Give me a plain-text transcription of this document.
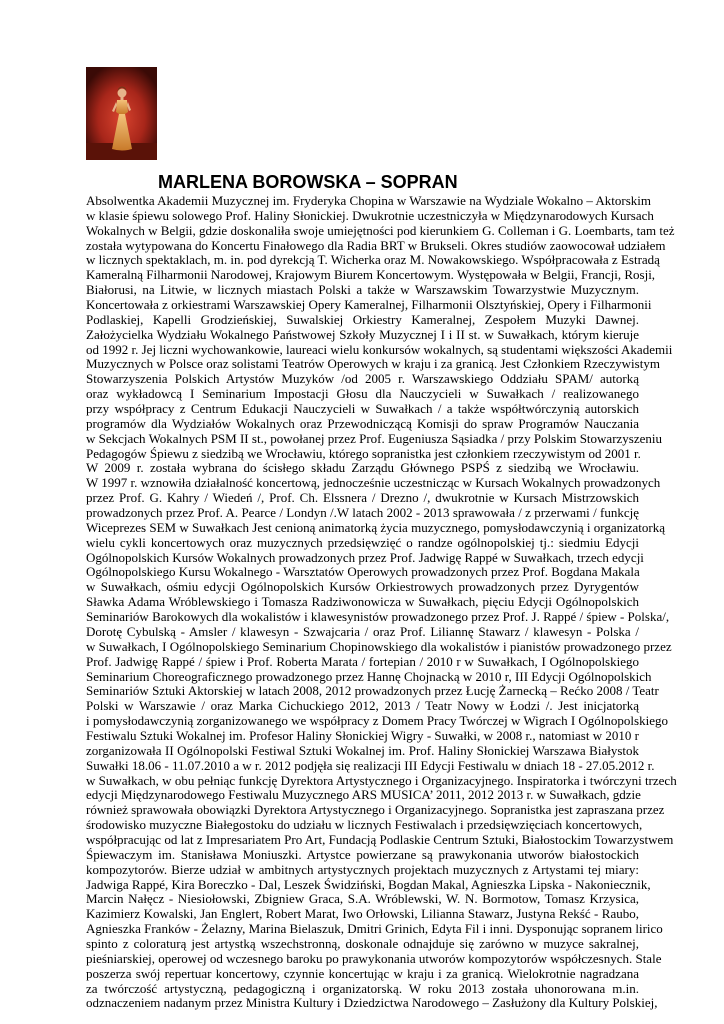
MARLENA BOROWSKA – SOPRAN
Absolwentka Akademii Muzycznej im. Fryderyka Chopina w Warszawie na Wydziale Wokalno – Aktorskim
w klasie śpiewu solowego Prof. Haliny Słonickiej. Dwukrotnie uczestniczyła w Międzynarodowych Kursach
Wokalnych w Belgii, gdzie doskonaliła swoje umiejętności pod kierunkiem G. Colleman i G. Loembarts, tam też
została wytypowana do Koncertu Finałowego dla Radia BRT w Brukseli. Okres studiów zaowocował udziałem
w licznych spektaklach, m. in. pod dyrekcją T. Wicherka oraz M. Nowakowskiego. Współpracowała z Estradą
Kameralną Filharmonii Narodowej, Krajowym Biurem Koncertowym. Występowała w Belgii, Francji, Rosji,
Białorusi, na Litwie, w licznych miastach Polski a także w Warszawskim Towarzystwie Muzycznym.
Koncertowała z orkiestrami Warszawskiej Opery Kameralnej, Filharmonii Olsztyńskiej, Opery i Filharmonii
Podlaskiej, Kapelli Grodzieńskiej, Suwalskiej Orkiestry Kameralnej, Zespołem Muzyki Dawnej.
Założycielka Wydziału Wokalnego Państwowej Szkoły Muzycznej I i II st. w Suwałkach, którym kieruje
od 1992 r. Jej liczni wychowankowie, laureaci wielu konkursów wokalnych, są studentami większości Akademii
Muzycznych w Polsce oraz solistami Teatrów Operowych w kraju i za granicą. Jest Członkiem Rzeczywistym
Stowarzyszenia Polskich Artystów Muzyków /od 2005 r. Warszawskiego Oddziału SPAM/ autorką
oraz wykładowcą I Seminarium Impostacji Głosu dla Nauczycieli w Suwałkach / realizowanego
przy współpracy z Centrum Edukacji Nauczycieli w Suwałkach / a także współtwórczynią autorskich
programów dla Wydziałów Wokalnych oraz Przewodniczącą Komisji do spraw Programów Nauczania
w Sekcjach Wokalnych PSM II st., powołanej przez Prof. Eugeniusza Sąsiadka / przy Polskim Stowarzyszeniu
Pedagogów Śpiewu z siedzibą we Wrocławiu, którego sopranistka jest członkiem rzeczywistym od 2001 r.
W 2009 r. została wybrana do ścisłego składu Zarządu Głównego PSPŚ z siedzibą we Wrocławiu.
W 1997 r. wznowiła działalność koncertową, jednocześnie uczestnicząc w Kursach Wokalnych prowadzonych
przez Prof. G. Kahry / Wiedeń /, Prof. Ch. Elssnera / Drezno /, dwukrotnie w Kursach Mistrzowskich
prowadzonych przez Prof. A. Pearce / Londyn /.W latach 2002 - 2013 sprawowała / z przerwami / funkcję
Wiceprezes SEM w Suwałkach Jest cenioną animatorką życia muzycznego, pomysłodawczynią i organizatorką
wielu cykli koncertowych oraz muzycznych przedsięwzięć o randze ogólnopolskiej tj.: siedmiu Edycji
Ogólnopolskich Kursów Wokalnych prowadzonych przez Prof. Jadwigę Rappé w Suwałkach, trzech edycji
Ogólnopolskiego Kursu Wokalnego - Warsztatów Operowych prowadzonych przez Prof. Bogdana Makala
w Suwałkach, ośmiu edycji Ogólnopolskich Kursów Orkiestrowych prowadzonych przez Dyrygentów
Sławka Adama Wróblewskiego i Tomasza Radziwonowicza w Suwałkach, pięciu Edycji Ogólnopolskich
Seminariów Barokowych dla wokalistów i klawesynistów prowadzonego przez Prof. J. Rappé / śpiew - Polska/,
Dorotę Cybulską - Amsler / klawesyn - Szwajcaria / oraz Prof. Liliannę Stawarz / klawesyn - Polska /
w Suwałkach, I Ogólnopolskiego Seminarium Chopinowskiego dla wokalistów i pianistów prowadzonego przez
Prof. Jadwigę Rappé / śpiew i Prof. Roberta Marata / fortepian / 2010 r w Suwałkach, I Ogólnopolskiego
Seminarium Choreograficznego prowadzonego przez Hannę Chojnacką w 2010 r, III Edycji Ogólnopolskich
Seminariów Sztuki Aktorskiej w latach 2008, 2012 prowadzonych przez Łucję Żarnecką – Rećko 2008 / Teatr
Polski w Warszawie / oraz Marka Cichuckiego 2012, 2013 / Teatr Nowy w Łodzi /. Jest inicjatorką
i pomysłodawczynią zorganizowanego we współpracy z Domem Pracy Twórczej w Wigrach I Ogólnopolskiego
Festiwalu Sztuki Wokalnej im. Profesor Haliny Słonickiej Wigry - Suwałki, w 2008 r., natomiast w 2010 r
zorganizowała II Ogólnopolski Festiwal Sztuki Wokalnej im. Prof. Haliny Słonickiej Warszawa Białystok
Suwałki 18.06 - 11.07.2010 a w r. 2012 podjęła się realizacji III Edycji Festiwalu w dniach 18 - 27.05.2012 r.
w Suwałkach, w obu pełniąc funkcję Dyrektora Artystycznego i Organizacyjnego. Inspiratorka i twórczyni trzech
edycji Międzynarodowego Festiwalu Muzycznego ARS MUSICA’ 2011, 2012 2013 r. w Suwałkach, gdzie
również sprawowała obowiązki Dyrektora Artystycznego i Organizacyjnego. Sopranistka jest zapraszana przez
środowisko muzyczne Białegostoku do udziału w licznych Festiwalach i przedsięwzięciach koncertowych,
współpracując od lat z Impresariatem Pro Art, Fundacją Podlaskie Centrum Sztuki, Białostockim Towarzystwem
Śpiewaczym im. Stanisława Moniuszki. Artystce powierzane są prawykonania utworów białostockich
kompozytorów. Bierze udział w ambitnych artystycznych projektach muzycznych z Artystami tej miary:
Jadwiga Rappé, Kira Boreczko - Dal, Leszek Świdziński, Bogdan Makal, Agnieszka Lipska - Nakoniecznik,
Marcin Nałęcz - Niesiołowski, Zbigniew Graca, S.A. Wróblewski, W. N. Bormotow, Tomasz Krzysica,
Kazimierz Kowalski, Jan Englert, Robert Marat, Iwo Orłowski, Lilianna Stawarz, Justyna Rekść - Raubo,
Agnieszka Franków - Żelazny, Marina Bielaszuk, Dmitri Grinich, Edyta Fil i inni. Dysponując sopranem lirico
spinto z coloraturą jest artystką wszechstronną, doskonale odnajduje się zarówno w muzyce sakralnej,
pieśniarskiej, operowej od wczesnego baroku po prawykonania utworów kompozytorów współczesnych. Stale
poszerza swój repertuar koncertowy, czynnie koncertując w kraju i za granicą. Wielokrotnie nagradzana
za twórczość artystyczną, pedagogiczną i organizatorską. W roku 2013 została uhonorowana m.in.
odznaczeniem nadanym przez Ministra Kultury i Dziedzictwa Narodowego – Zasłużony dla Kultury Polskiej,
